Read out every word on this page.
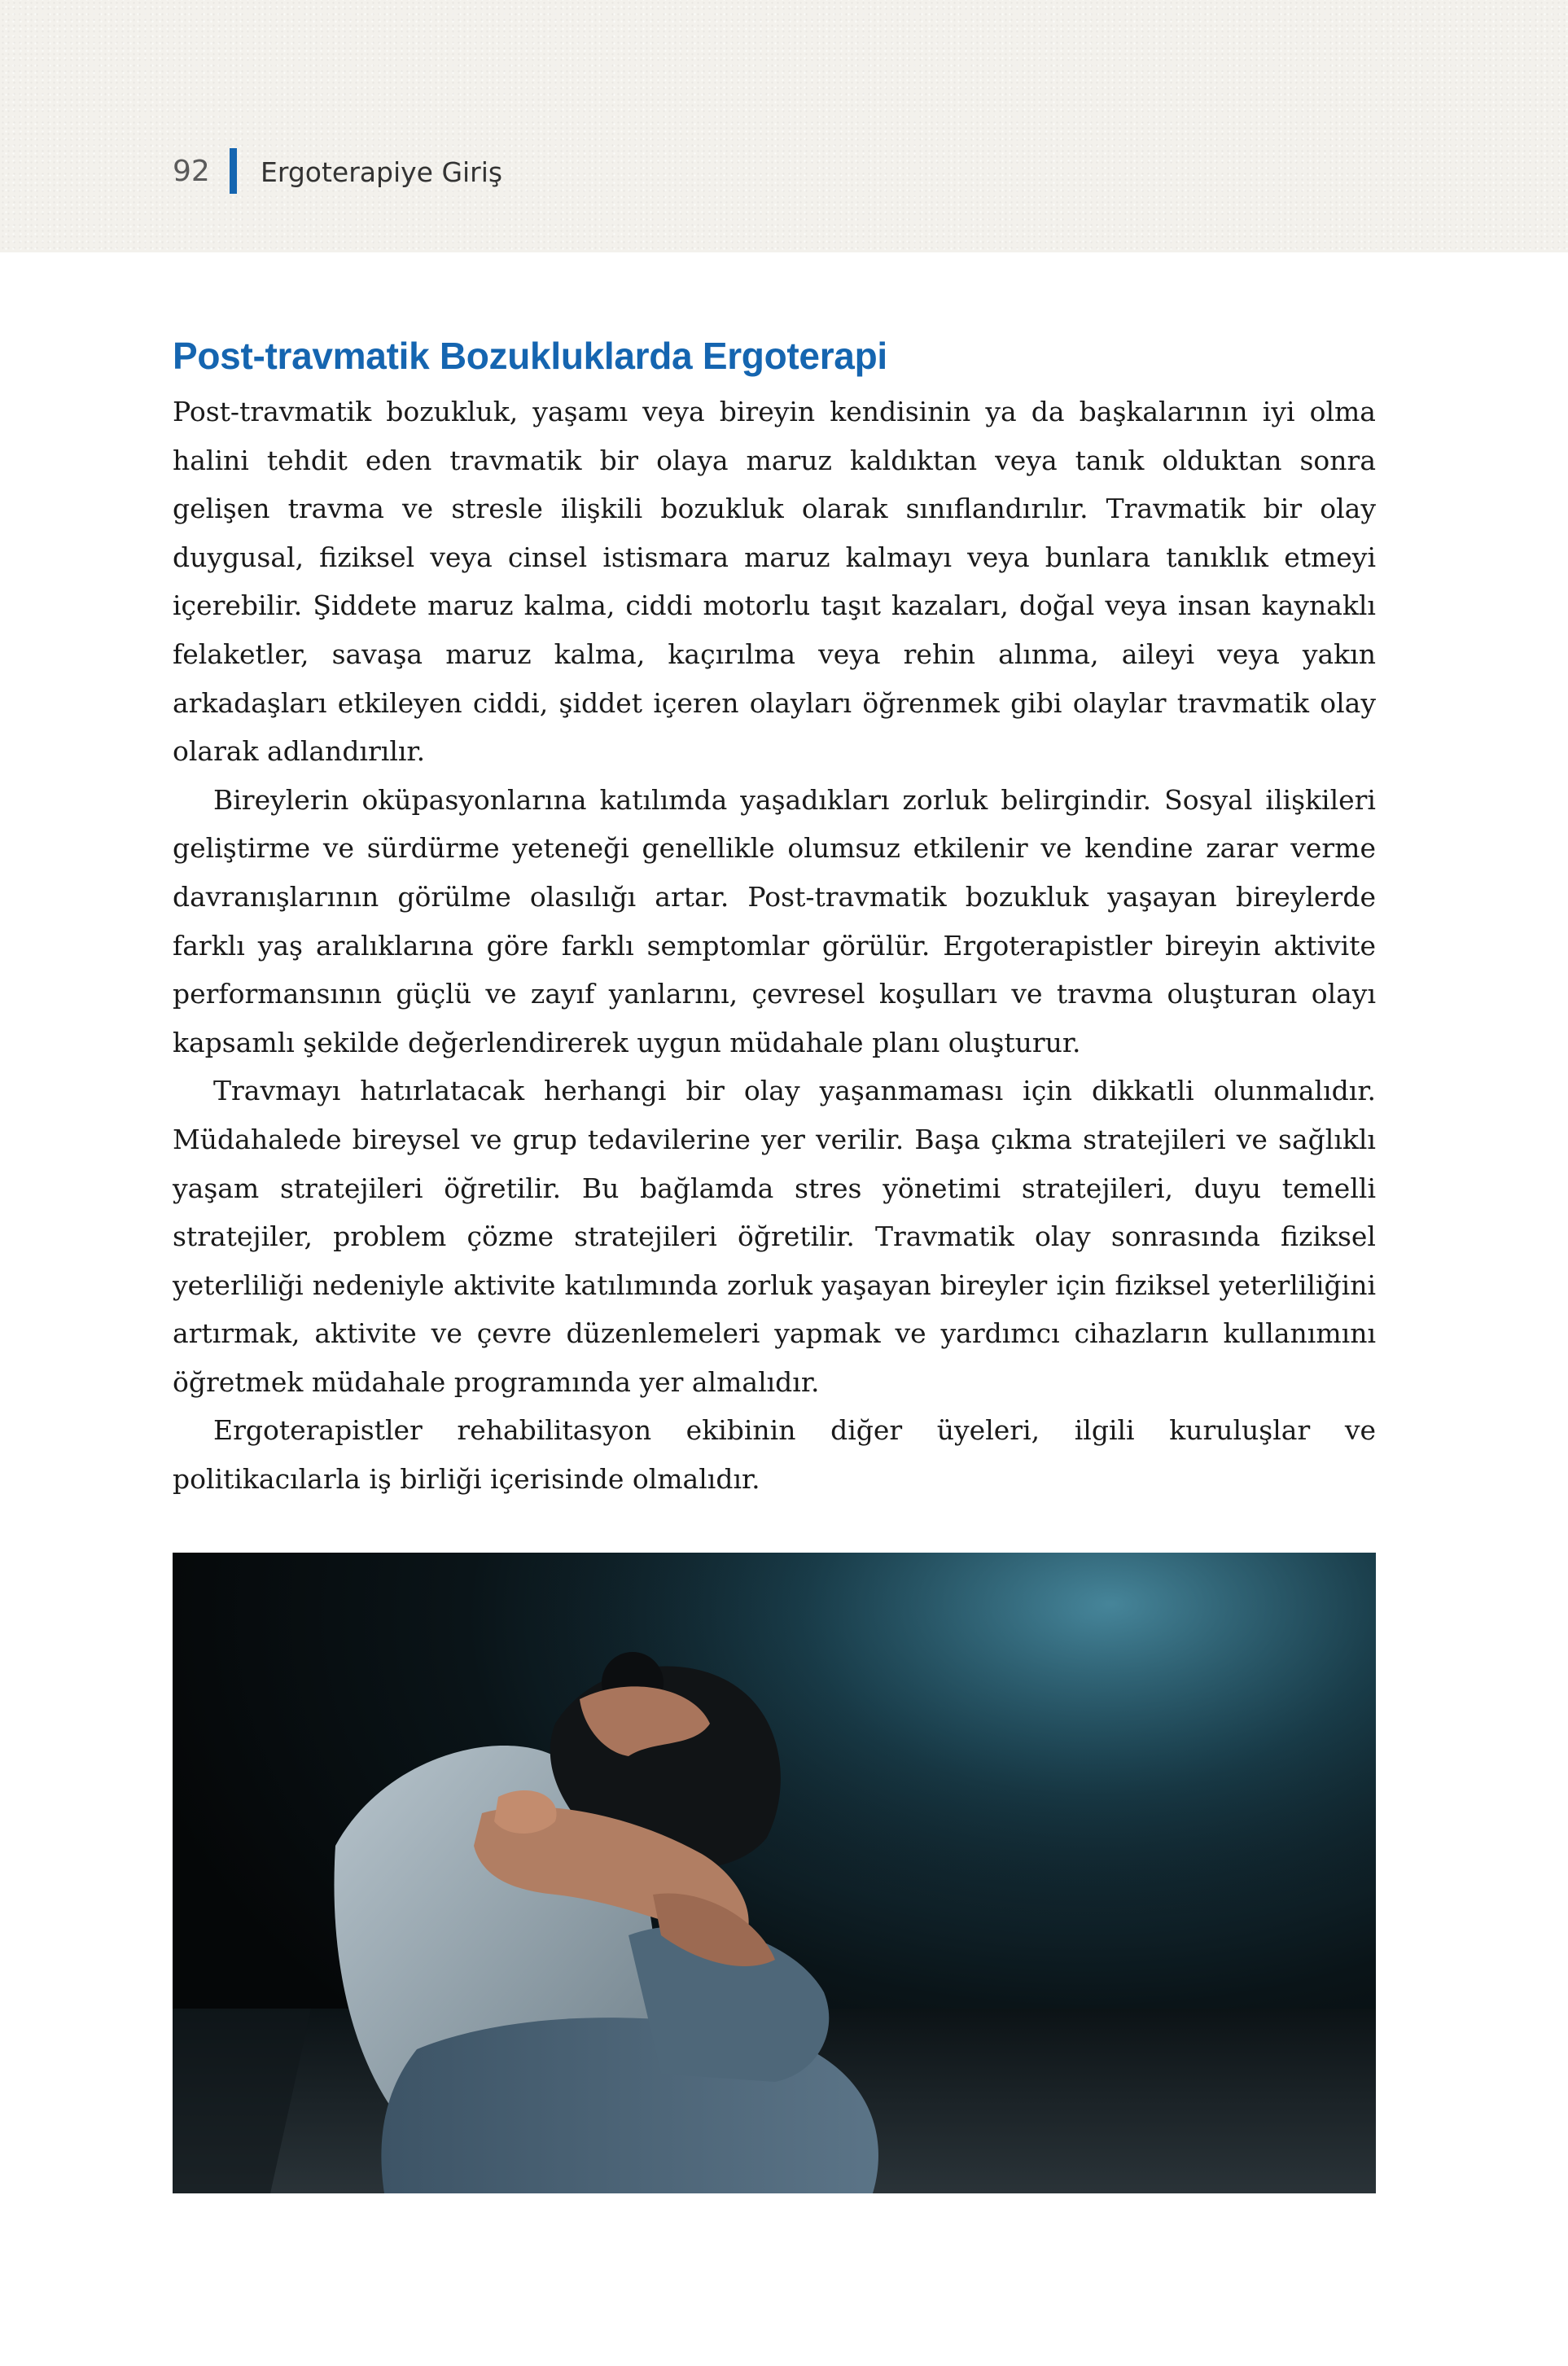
92 Ergoterapiye Giriş
Post-travmatik Bozukluklarda Ergoterapi

Post-travmatik bozukluk, yaşamı veya bireyin kendisinin ya da başkalarının iyi olma halini tehdit eden travmatik bir olaya maruz kaldıktan veya tanık olduktan sonra gelişen travma ve stresle ilişkili bozukluk olarak sınıflandırılır. Travmatik bir olay duygusal, fiziksel veya cinsel istismara maruz kalmayı veya bunlara tanıklık etmeyi içerebilir. Şiddete maruz kalma, ciddi motorlu taşıt kazaları, doğal veya insan kaynaklı felaketler, savaşa maruz kalma, kaçırılma veya rehin alınma, aileyi veya yakın arkadaşları etkileyen ciddi, şiddet içeren olayları öğrenmek gibi olaylar travmatik olay olarak adlandırılır.

Bireylerin oküpasyonlarına katılımda yaşadıkları zorluk belirgindir. Sosyal ilişkileri geliştirme ve sürdürme yeteneği genellikle olumsuz etkilenir ve kendine zarar verme davranışlarının görülme olasılığı artar. Post-travmatik bozukluk yaşayan bireylerde farklı yaş aralıklarına göre farklı semptomlar görülür. Ergoterapistler bireyin aktivite performansının güçlü ve zayıf yanlarını, çevresel koşulları ve travma oluşturan olayı kapsamlı şekilde değerlendirerek uygun müdahale planı oluşturur.

Travmayı hatırlatacak herhangi bir olay yaşanmaması için dikkatli olunmalıdır. Müdahalede bireysel ve grup tedavilerine yer verilir. Başa çıkma stratejileri ve sağlıklı yaşam stratejileri öğretilir. Bu bağlamda stres yönetimi stratejileri, duyu temelli stratejiler, problem çözme stratejileri öğretilir. Travmatik olay sonrasında fiziksel yeterliliği nedeniyle aktivite katılımında zorluk yaşayan bireyler için fiziksel yeterliliğini artırmak, aktivite ve çevre düzenlemeleri yapmak ve yardımcı cihazların kullanımını öğretmek müdahale programında yer almalıdır.

Ergoterapistler rehabilitasyon ekibinin diğer üyeleri, ilgili kuruluşlar ve politikacılarla iş birliği içerisinde olmalıdır.
